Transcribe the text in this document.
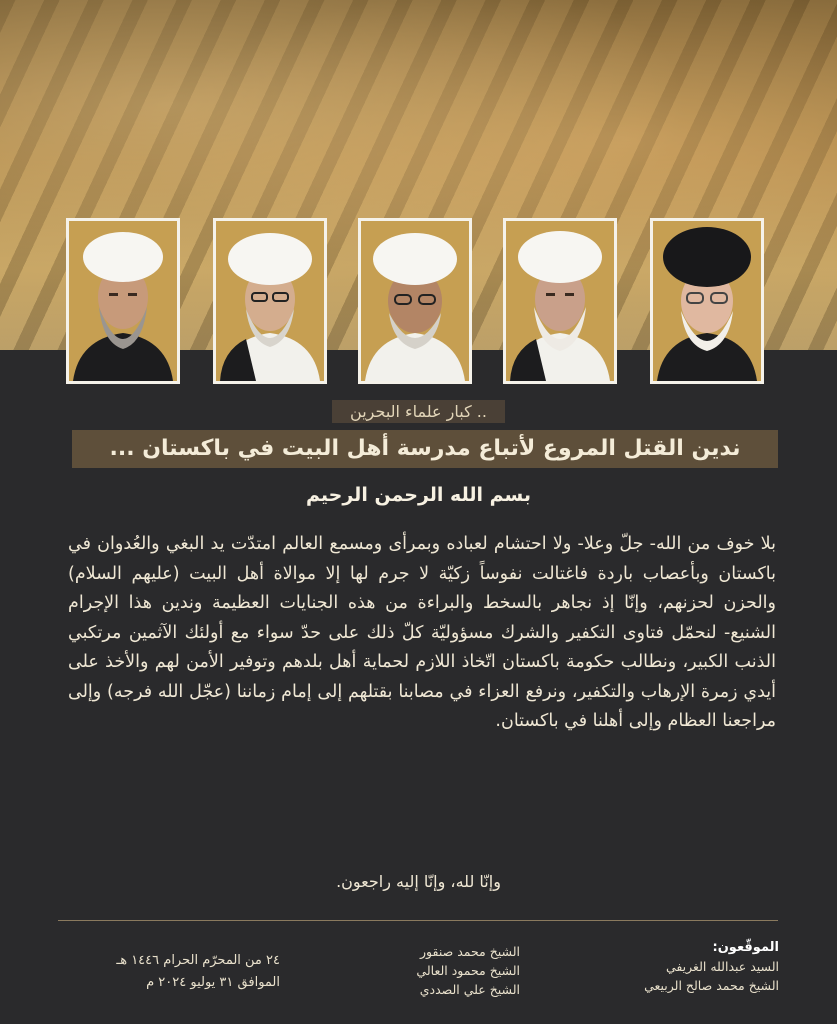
كبار علماء البحرين ..
ندين القتل المروع لأتباع مدرسة أهل البيت في باكستان ...
بسم الله الرحمن الرحيم

بلا خوف من الله- جلّ وعلا- ولا احتشام لعباده وبمرأى ومسمع العالم امتدّت يد البغي والعُدوان في باكستان وبأعصاب باردة فاغتالت نفوساً زكيّة لا جرم لها إلا موالاة أهل البيت (عليهم السلام) والحزن لحزنهم، وإنّا إذ نجاهر بالسخط والبراءة من هذه الجنايات العظيمة وندين هذا الإجرام الشنيع- لنحمّل فتاوى التكفير والشرك مسؤوليّة كلّ ذلك على حدّ سواء مع أولئك الآثمين مرتكبي الذنب الكبير، ونطالب حكومة باكستان اتّخاذ اللازم لحماية أهل بلدهم وتوفير الأمن لهم والأخذ على أيدي زمرة الإرهاب والتكفير، ونرفع العزاء في مصابنا بقتلهم إلى إمام زماننا (عجّل الله فرجه) وإلى مراجعنا العظام وإلى أهلنا في باكستان.

وإنّا لله، وإنّا إليه راجعون.
الموقّعون:
السيد عبدالله الغريفي
الشيخ محمد صالح الربيعي
الشيخ محمد صنقور
الشيخ محمود العالي
الشيخ علي الصددي
٢٤ من المحرّم الحرام ١٤٤٦ هـ
الموافق ٣١ يوليو ٢٠٢٤ م
